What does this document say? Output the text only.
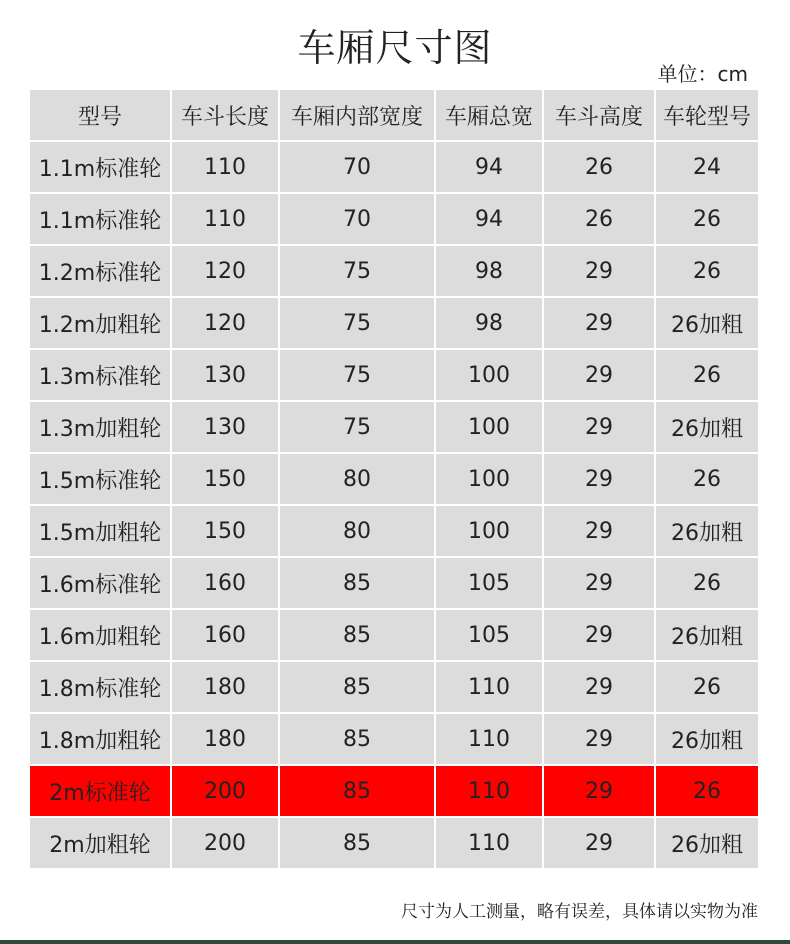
车厢尺寸图
单位：cm
型号	车斗长度	车厢内部宽度	车厢总宽	车斗高度	车轮型号
1.1m标准轮	110	70	94	26	24
1.1m标准轮	110	70	94	26	26
1.2m标准轮	120	75	98	29	26
1.2m加粗轮	120	75	98	29	26加粗
1.3m标准轮	130	75	100	29	26
1.3m加粗轮	130	75	100	29	26加粗
1.5m标准轮	150	80	100	29	26
1.5m加粗轮	150	80	100	29	26加粗
1.6m标准轮	160	85	105	29	26
1.6m加粗轮	160	85	105	29	26加粗
1.8m标准轮	180	85	110	29	26
1.8m加粗轮	180	85	110	29	26加粗
2m标准轮	200	85	110	29	26
2m加粗轮	200	85	110	29	26加粗
尺寸为人工测量，略有误差，具体请以实物为准
